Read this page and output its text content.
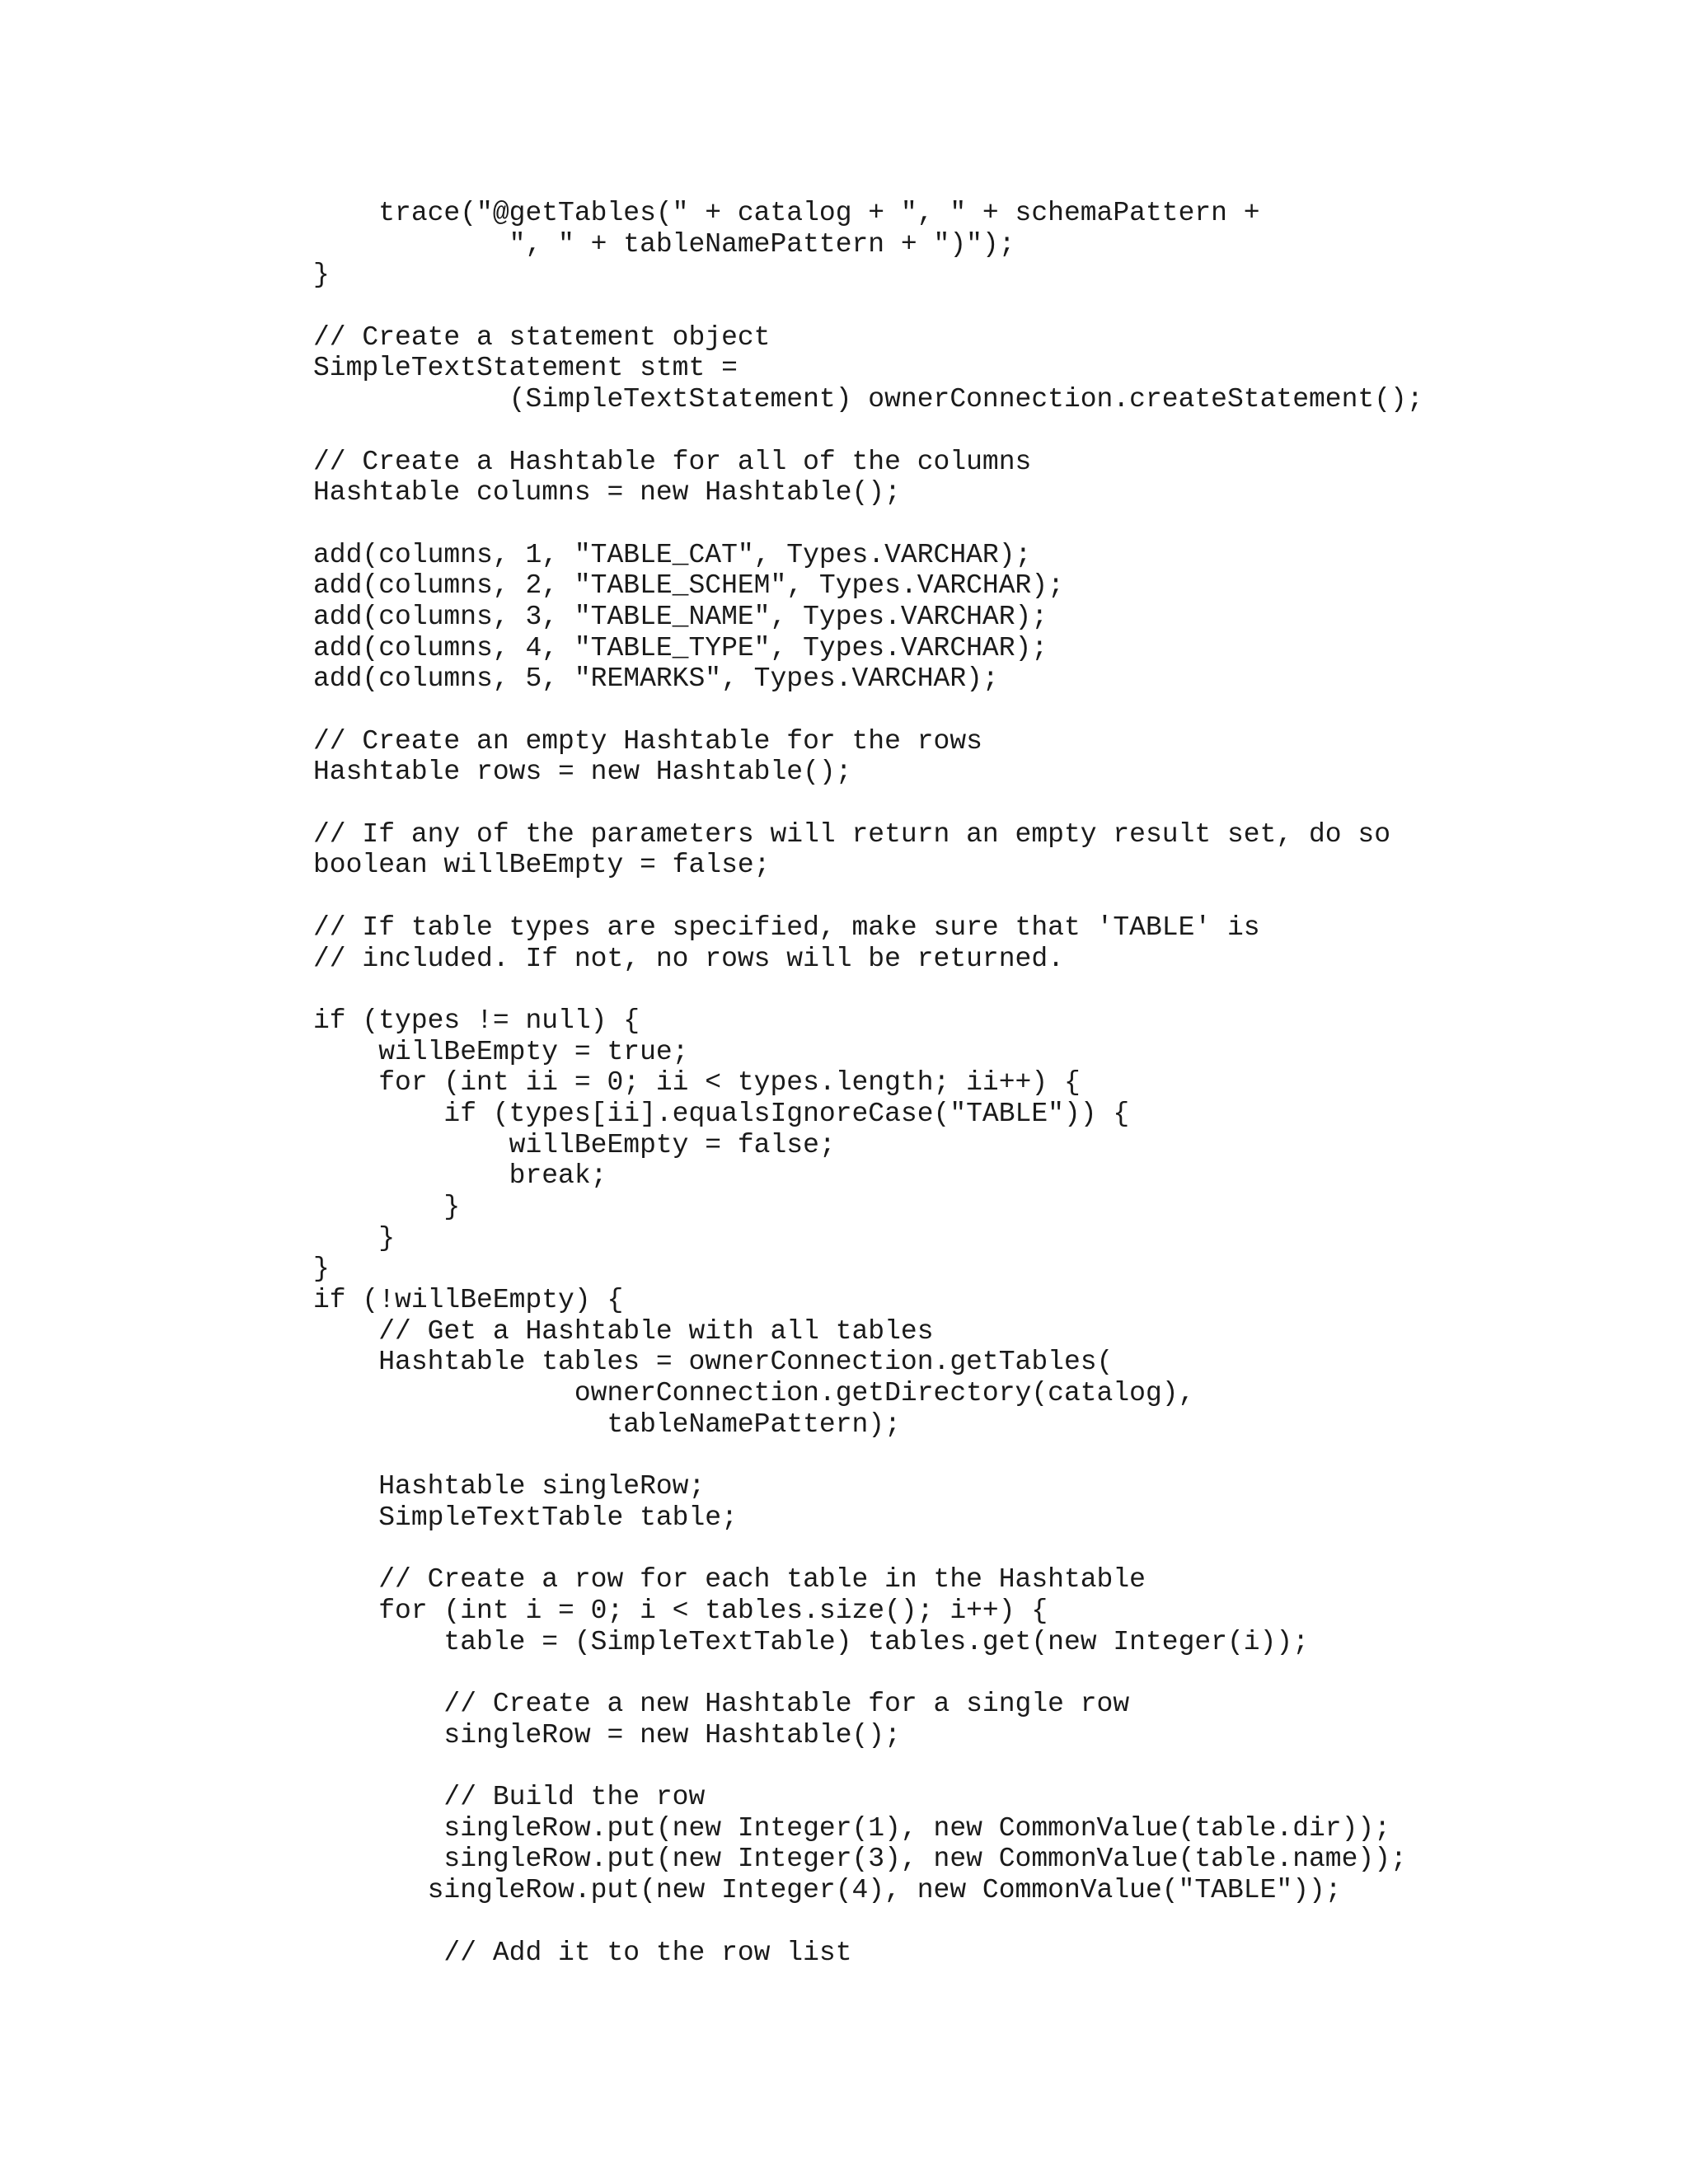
trace("@getTables(" + catalog + ", " + schemaPattern +
", " + tableNamePattern + ")");
}
// Create a statement object
SimpleTextStatement stmt =
(SimpleTextStatement) ownerConnection.createStatement();
// Create a Hashtable for all of the columns
Hashtable columns = new Hashtable();
add(columns, 1, "TABLE_CAT", Types.VARCHAR);
add(columns, 2, "TABLE_SCHEM", Types.VARCHAR);
add(columns, 3, "TABLE_NAME", Types.VARCHAR);
add(columns, 4, "TABLE_TYPE", Types.VARCHAR);
add(columns, 5, "REMARKS", Types.VARCHAR);
// Create an empty Hashtable for the rows
Hashtable rows = new Hashtable();
// If any of the parameters will return an empty result set, do so
boolean willBeEmpty = false;
// If table types are specified, make sure that 'TABLE' is
// included. If not, no rows will be returned.
if (types != null) {
willBeEmpty = true;
for (int ii = 0; ii < types.length; ii++) {
if (types[ii].equalsIgnoreCase("TABLE")) {
willBeEmpty = false;
break;
}
}
}
if (!willBeEmpty) {
// Get a Hashtable with all tables
Hashtable tables = ownerConnection.getTables(
ownerConnection.getDirectory(catalog),
tableNamePattern);
Hashtable singleRow;
SimpleTextTable table;
// Create a row for each table in the Hashtable
for (int i = 0; i < tables.size(); i++) {
table = (SimpleTextTable) tables.get(new Integer(i));
// Create a new Hashtable for a single row
singleRow = new Hashtable();
// Build the row
singleRow.put(new Integer(1), new CommonValue(table.dir));
singleRow.put(new Integer(3), new CommonValue(table.name));
singleRow.put(new Integer(4), new CommonValue("TABLE"));
// Add it to the row list
